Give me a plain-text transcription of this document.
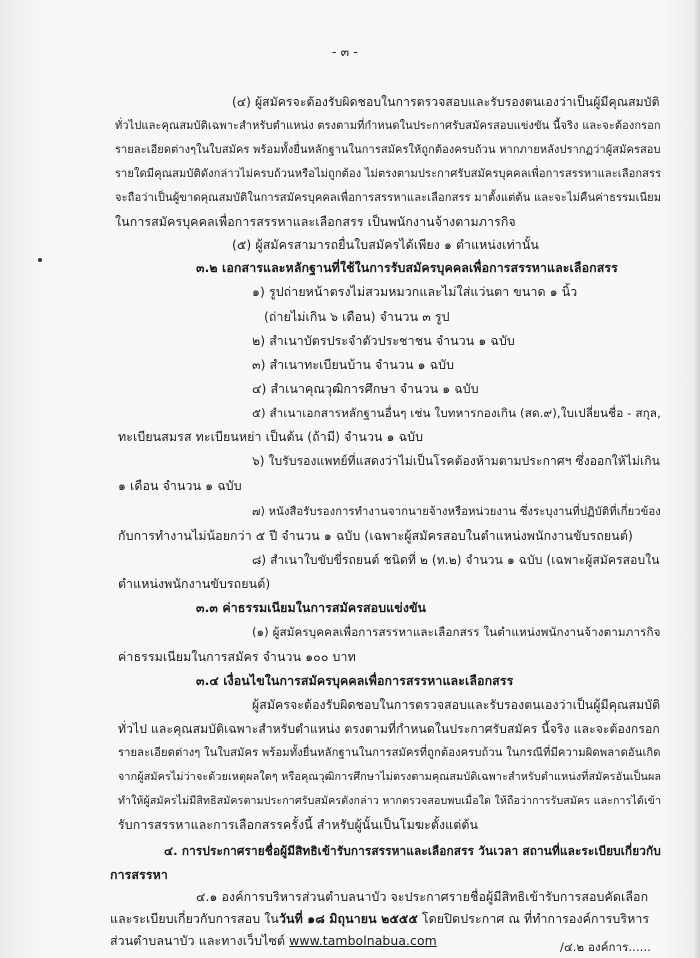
- ๓ -
(๔) ผู้สมัครจะต้องรับผิดชอบในการตรวจสอบและรับรองตนเองว่าเป็นผู้มีคุณสมบัติ
ทั่วไปและคุณสมบัติเฉพาะสำหรับตำแหน่ง ตรงตามที่กำหนดในประกาศรับสมัครสอบแข่งขัน นี้จริง และจะต้องกรอก
รายละเอียดต่างๆในใบสมัคร พร้อมทั้งยื่นหลักฐานในการสมัครให้ถูกต้องครบถ้วน หากภายหลังปรากฏว่าผู้สมัครสอบ
รายใดมีคุณสมบัติดังกล่าวไม่ครบถ้วนหรือไม่ถูกต้อง ไม่ตรงตามประกาศรับสมัครบุคคลเพื่อการสรรหาและเลือกสรร
จะถือว่าเป็นผู้ขาดคุณสมบัติในการสมัครบุคคลเพื่อการสรรหาและเลือกสรร มาตั้งแต่ต้น และจะไม่คืนค่าธรรมเนียม
ในการสมัครบุคคลเพื่อการสรรหาและเลือกสรร เป็นพนักงานจ้างตามภารกิจ
(๕) ผู้สมัครสามารถยื่นใบสมัครได้เพียง ๑ ตำแหน่งเท่านั้น
๓.๒ เอกสารและหลักฐานที่ใช้ในการรับสมัครบุคคลเพื่อการสรรหาและเลือกสรร
๑) รูปถ่ายหน้าตรงไม่สวมหมวกและไม่ใส่แว่นตา ขนาด ๑ นิ้ว
(ถ่ายไม่เกิน ๖ เดือน) จำนวน ๓ รูป
๒) สำเนาบัตรประจำตัวประชาชน จำนวน ๑ ฉบับ
๓) สำเนาทะเบียนบ้าน จำนวน ๑ ฉบับ
๔) สำเนาคุณวุฒิการศึกษา จำนวน ๑ ฉบับ
๕) สำเนาเอกสารหลักฐานอื่นๆ เช่น ใบทหารกองเกิน (สด.๙),ใบเปลี่ยนชื่อ - สกุล,
ทะเบียนสมรส ทะเบียนหย่า เป็นต้น (ถ้ามี) จำนวน ๑ ฉบับ
๖) ใบรับรองแพทย์ที่แสดงว่าไม่เป็นโรคต้องห้ามตามประกาศฯ ซึ่งออกให้ไม่เกิน
๑ เดือน จำนวน ๑ ฉบับ
๗) หนังสือรับรองการทำงานจากนายจ้างหรือหน่วยงาน ซึ่งระบุงานที่ปฏิบัติที่เกี่ยวข้อง
กับการทำงานไม่น้อยกว่า ๕ ปี จำนวน ๑ ฉบับ (เฉพาะผู้สมัครสอบในตำแหน่งพนักงานขับรถยนต์)
๘) สำเนาใบขับขี่รถยนต์ ชนิดที่ ๒ (ท.๒) จำนวน ๑ ฉบับ (เฉพาะผู้สมัครสอบใน
ตำแหน่งพนักงานขับรถยนต์)
๓.๓ ค่าธรรมเนียมในการสมัครสอบแข่งขัน
(๑) ผู้สมัครบุคคลเพื่อการสรรหาและเลือกสรร ในตำแหน่งพนักงานจ้างตามภารกิจ
ค่าธรรมเนียมในการสมัคร จำนวน ๑๐๐ บาท
๓.๔ เงื่อนไขในการสมัครบุคคลเพื่อการสรรหาและเลือกสรร
ผู้สมัครจะต้องรับผิดชอบในการตรวจสอบและรับรองตนเองว่าเป็นผู้มีคุณสมบัติ
ทั่วไป และคุณสมบัติเฉพาะสำหรับตำแหน่ง ตรงตามที่กำหนดในประกาศรับสมัคร นี้จริง และจะต้องกรอก
รายละเอียดต่างๆ ในใบสมัคร พร้อมทั้งยื่นหลักฐานในการสมัครที่ถูกต้องครบถ้วน ในกรณีที่มีความผิดพลาดอันเกิด
จากผู้สมัครไม่ว่าจะด้วยเหตุผลใดๆ หรือคุณวุฒิการศึกษาไม่ตรงตามคุณสมบัติเฉพาะสำหรับตำแหน่งที่สมัครอันเป็นผล
ทำให้ผู้สมัครไม่มีสิทธิสมัครตามประกาศรับสมัครดังกล่าว หากตรวจสอบพบเมื่อใด ให้ถือว่าการรับสมัคร และการได้เข้า
รับการสรรหาและการเลือกสรรครั้งนี้ สำหรับผู้นั้นเป็นโมฆะตั้งแต่ต้น
๔. การประกาศรายชื่อผู้มีสิทธิเข้ารับการสรรหาและเลือกสรร วันเวลา สถานที่และระเบียบเกี่ยวกับ
การสรรหา
๔.๑ องค์การบริหารส่วนตำบลนาบัว จะประกาศรายชื่อผู้มีสิทธิเข้ารับการสอบคัดเลือก
และระเบียบเกี่ยวกับการสอบ ในวันที่ ๑๘ มิถุนายน ๒๕๕๕ โดยปิดประกาศ ณ ที่ทำการองค์การบริหาร
ส่วนตำบลนาบัว และทางเว็บไซต์ www.tambolnabua.com	/๔.๒ องค์การ......
